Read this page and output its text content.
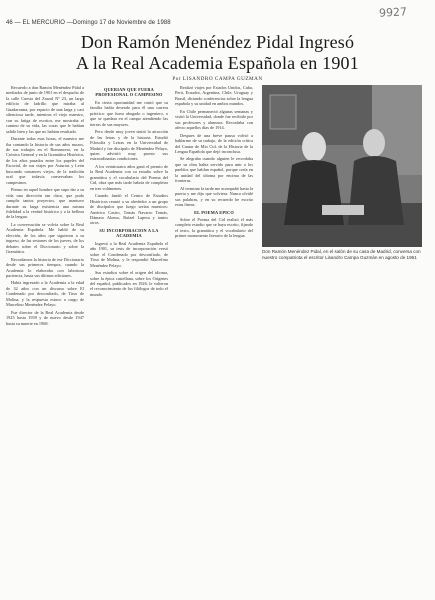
9927
46 — EL MERCURIO —Domingo 17 de Noviembre de 1988
Don Ramón Menéndez Pidal Ingresó
A la Real Academia Española en 1901
Por LISANDRO CAMPA GUZMAN

Recuerdo a don Ramón Menéndez Pidal a mediados de junio de 1901 en el despacho de la calle Cuesta del Zarzal Nº 23, un largo edificio de ladrillo que miraba al Guadarrama, por espacio de una larga y casi silenciosa tarde, mientras el viejo maestro, con su fatiga de escritor, me mostraba el camino de su vida, las cosas que le habían salido bien y las que no habían resultado.

Durante todas esas horas, el maestro me iba contando la historia de sus años mozos, de sus trabajos en el Romancero, en la Crónica General y en la Gramática Histórica, de los años pasados entre los papeles del Escorial, de sus viajes por Asturias y León buscando romances viejos, de la tradición oral que todavía conservaban los campesinos.

Pienso en aquel hombre que supo dar a su vida una dirección tan clara, que pudo cumplir tantos proyectos, que mantuvo durante su larga existencia una misma fidelidad a la verdad histórica y a la belleza de la lengua.

La conversación se volvía sobre la Real Academia Española. Me habló de su elección, de los años que siguieron a su ingreso, de las sesiones de los jueves, de los debates sobre el Diccionario y sobre la Gramática.

Recordamos la historia de ese Diccionario desde sus primeros tiempos, cuando la Academia lo elaboraba con laboriosa paciencia, hasta sus últimas ediciones.

Había ingresado a la Academia a la edad de 32 años con un discurso sobre El Condenado por desconfiado, de Tirso de Molina, y la respuesta estuvo a cargo de Marcelino Menéndez Pelayo.

Fue director de la Real Academia desde 1925 hasta 1939 y de nuevo desde 1947 hasta su muerte en 1968.

QUERIAN QUE FUERA PROFESIONAL O CAMPESINO

En cierta oportunidad me contó que su familia había deseado para él una carrera práctica: que fuera abogado o ingeniero, o que se quedara en el campo atendiendo las tierras de sus mayores.

Pero desde muy joven sintió la atracción de las letras y de la historia. Estudió Filosofía y Letras en la Universidad de Madrid y fue discípulo de Menéndez Pelayo, quien advirtió muy pronto sus extraordinarias condiciones.

A los veinticuatro años ganó el premio de la Real Academia con su estudio sobre la gramática y el vocabulario del Poema del Cid, obra que más tarde habría de completar en tres volúmenes.

Cuando fundó el Centro de Estudios Históricos reunió a su alrededor a un grupo de discípulos que luego serían maestros: Américo Castro, Tomás Navarro Tomás, Dámaso Alonso, Rafael Lapesa y tantos otros.

SU INCORPORACION A LA ACADEMIA

Ingresó a la Real Academia Española el año 1901, su tesis de incorporación versó sobre el Condenado por desconfiado, de Tirso de Molina, y le respondió Marcelino Menéndez Pelayo.

Sus estudios sobre el origen del idioma, sobre la épica castellana, sobre los Orígenes del español, publicados en 1926, le valieron el reconocimiento de los filólogos de todo el mundo.

Realizó viajes por Estados Unidos, Cuba, Perú, Ecuador, Argentina, Chile, Uruguay y Brasil, dictando conferencias sobre la lengua española y su unidad en ambos mundos.

En Chile permaneció algunas semanas y visitó la Universidad, donde fue recibido por sus profesores y alumnos. Recordaba con afecto aquellos días de 1914.

Despues de una breve pausa volvió a hablarme de su trabajo, de la edición crítica del Cantar de Mio Cid, de la Historia de la Lengua Española que dejó inconclusa.

Se alegraba cuando alguien le recordaba que su obra había servido para unir a los pueblos que hablan español, porque creía en la unidad del idioma por encima de las fronteras.

Al terminar la tarde me acompañó hasta la puerta y me dijo que volviera. Nunca olvidé sus palabras, y en su recuerdo he escrito estas líneas.

EL POEMA EPICO

Sobre el Poema del Cid realizó el más completo estudio que se haya escrito, fijando el texto, la gramática y el vocabulario del primer monumento literario de la lengua.

Don Ramón Menéndez Pidal, en el salón de su casa de Madrid, conversa con nuestro compatriota el escritor Lisandro Campa Guzmán en agosto de 1961
